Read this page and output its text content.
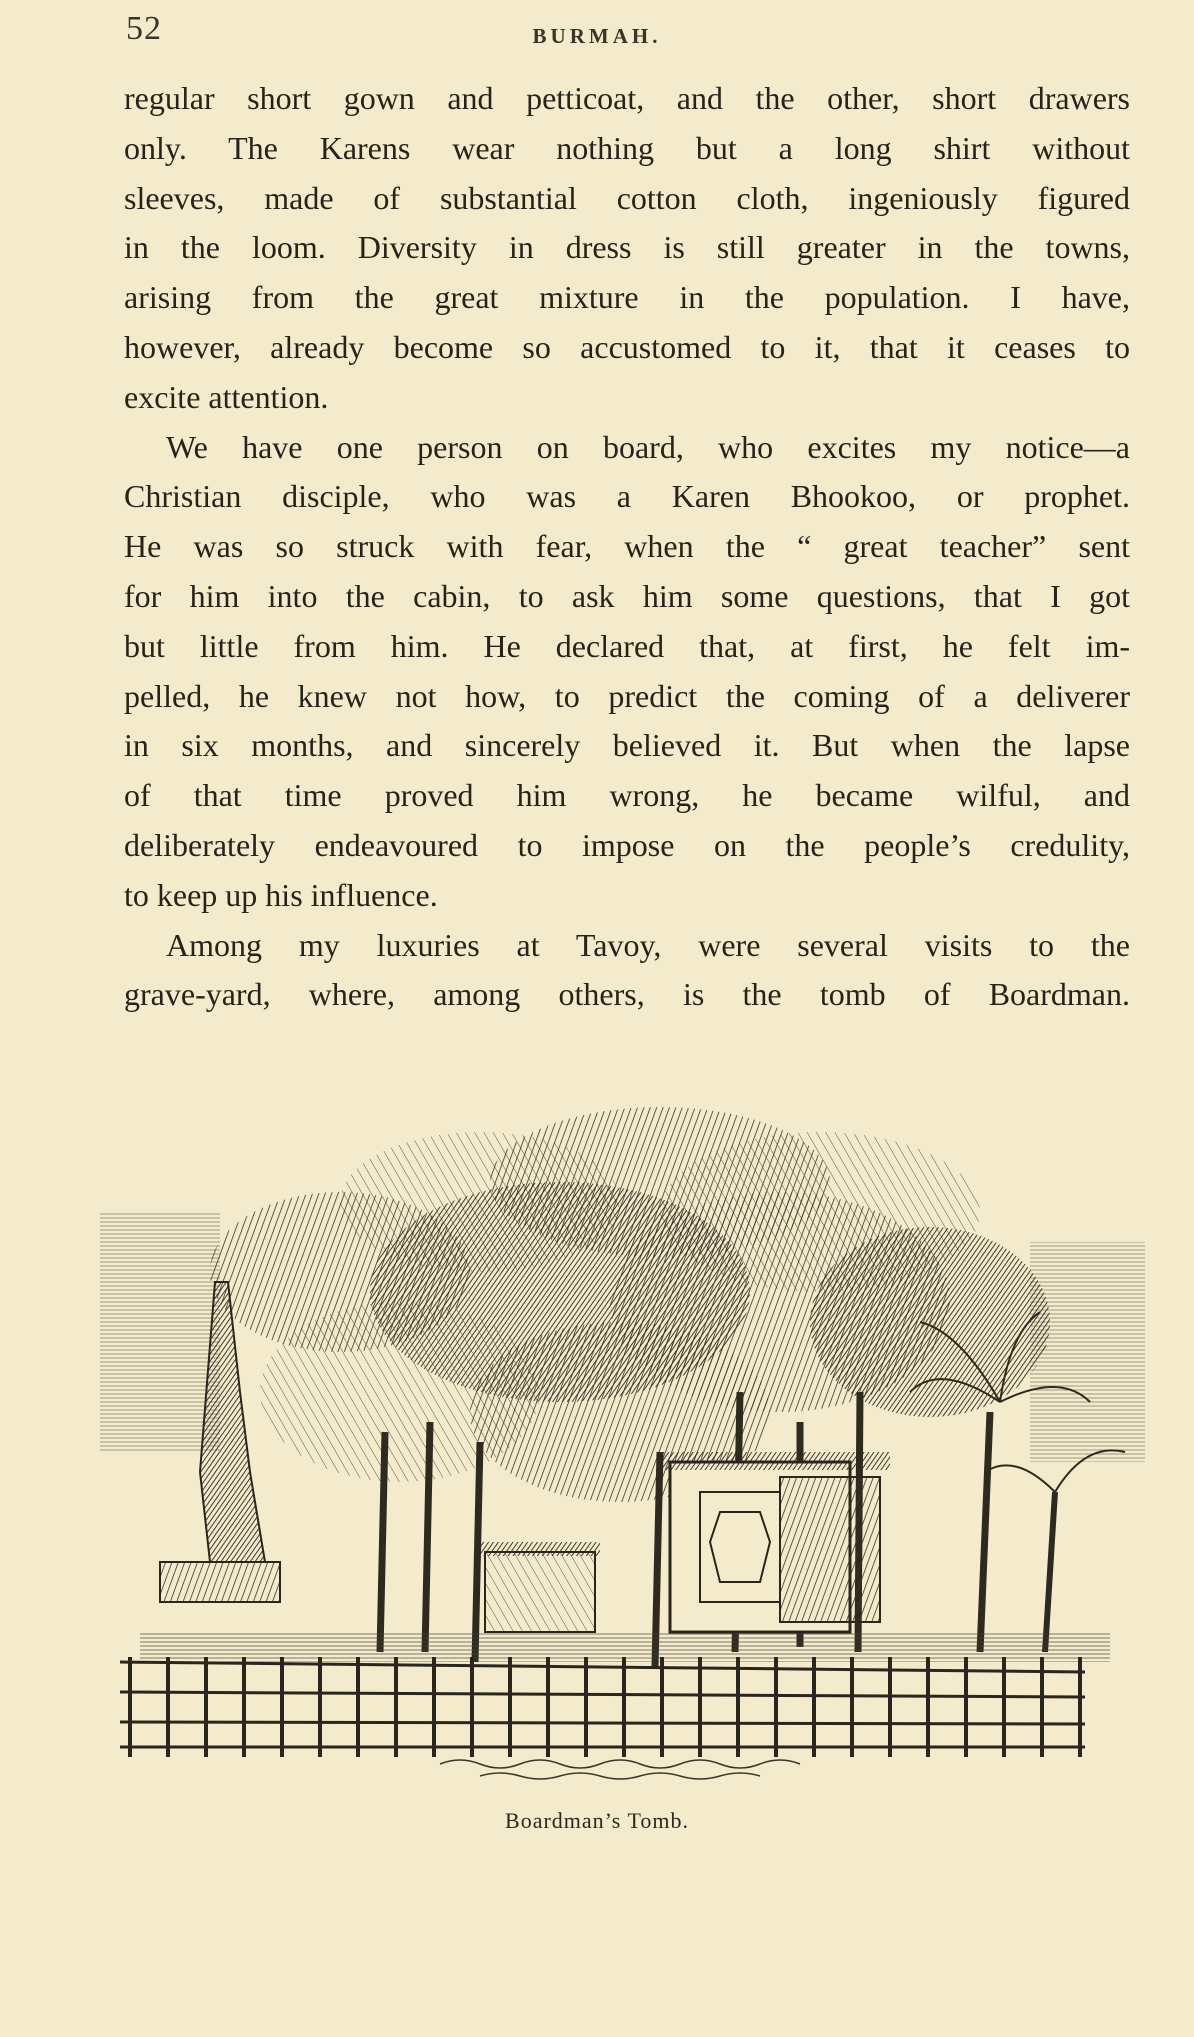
52	BURMAH.

regular short gown and petticoat, and the other, short drawers
only. The Karens wear nothing but a long shirt without
sleeves, made of substantial cotton cloth, ingeniously figured
in the loom. Diversity in dress is still greater in the towns,
arising from the great mixture in the population. I have,
however, already become so accustomed to it, that it ceases to
excite attention.

We have one person on board, who excites my notice—a
Christian disciple, who was a Karen Bhookoo, or prophet.
He was so struck with fear, when the “ great teacher” sent
for him into the cabin, to ask him some questions, that I got
but little from him. He declared that, at first, he felt im-
pelled, he knew not how, to predict the coming of a deliverer
in six months, and sincerely believed it. But when the lapse
of that time proved him wrong, he became wilful, and
deliberately endeavoured to impose on the people’s credulity,
to keep up his influence.

Among my luxuries at Tavoy, were several visits to the
grave-yard, where, among others, is the tomb of Boardman.

Boardman’s Tomb.
